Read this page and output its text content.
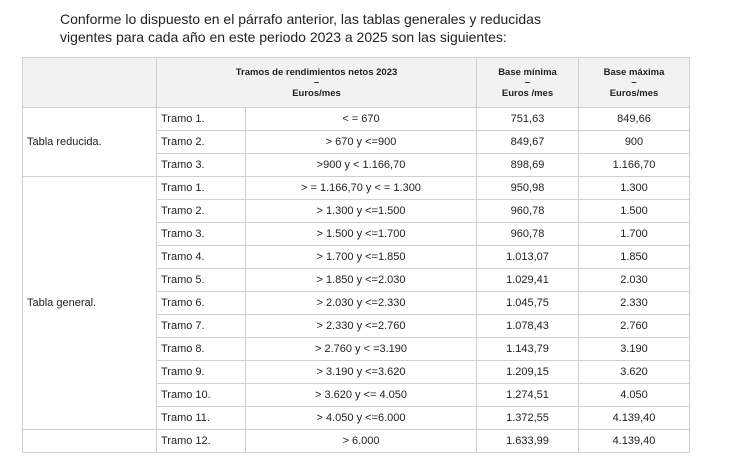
Conforme lo dispuesto en el párrafo anterior, las tablas generales y reducidas
vigentes para cada año en este periodo 2023 a 2025 son las siguientes:
	Tramos de rendimientos netos 2023
–
Euros/mes		Base mínima
–
Euros /mes	Base máxima
–
Euros/mes
Tabla reducida.	Tramo 1.	< = 670	751,63	849,66
	Tramo 2.	> 670 y <=900	849,67	900
	Tramo 3.	>900 y < 1.166,70	898,69	1.166,70
Tabla general.	Tramo 1.	> = 1.166,70 y < = 1.300	950,98	1.300
	Tramo 2.	> 1.300 y <=1.500	960,78	1.500
	Tramo 3.	> 1.500 y <=1.700	960,78	1.700
	Tramo 4.	> 1.700 y <=1.850	1.013,07	1.850
	Tramo 5.	> 1.850 y <=2.030	1.029,41	2.030
	Tramo 6.	> 2.030 y <=2.330	1.045,75	2.330
	Tramo 7.	> 2.330 y <=2.760	1.078,43	2.760
	Tramo 8.	> 2.760 y < =3.190	1.143,79	3.190
	Tramo 9.	> 3.190 y <=3.620	1.209,15	3.620
	Tramo 10.	> 3.620 y <= 4.050	1.274,51	4.050
	Tramo 11.	> 4.050 y <=6.000	1.372,55	4.139,40
	Tramo 12.	> 6.000	1.633,99	4.139,40
